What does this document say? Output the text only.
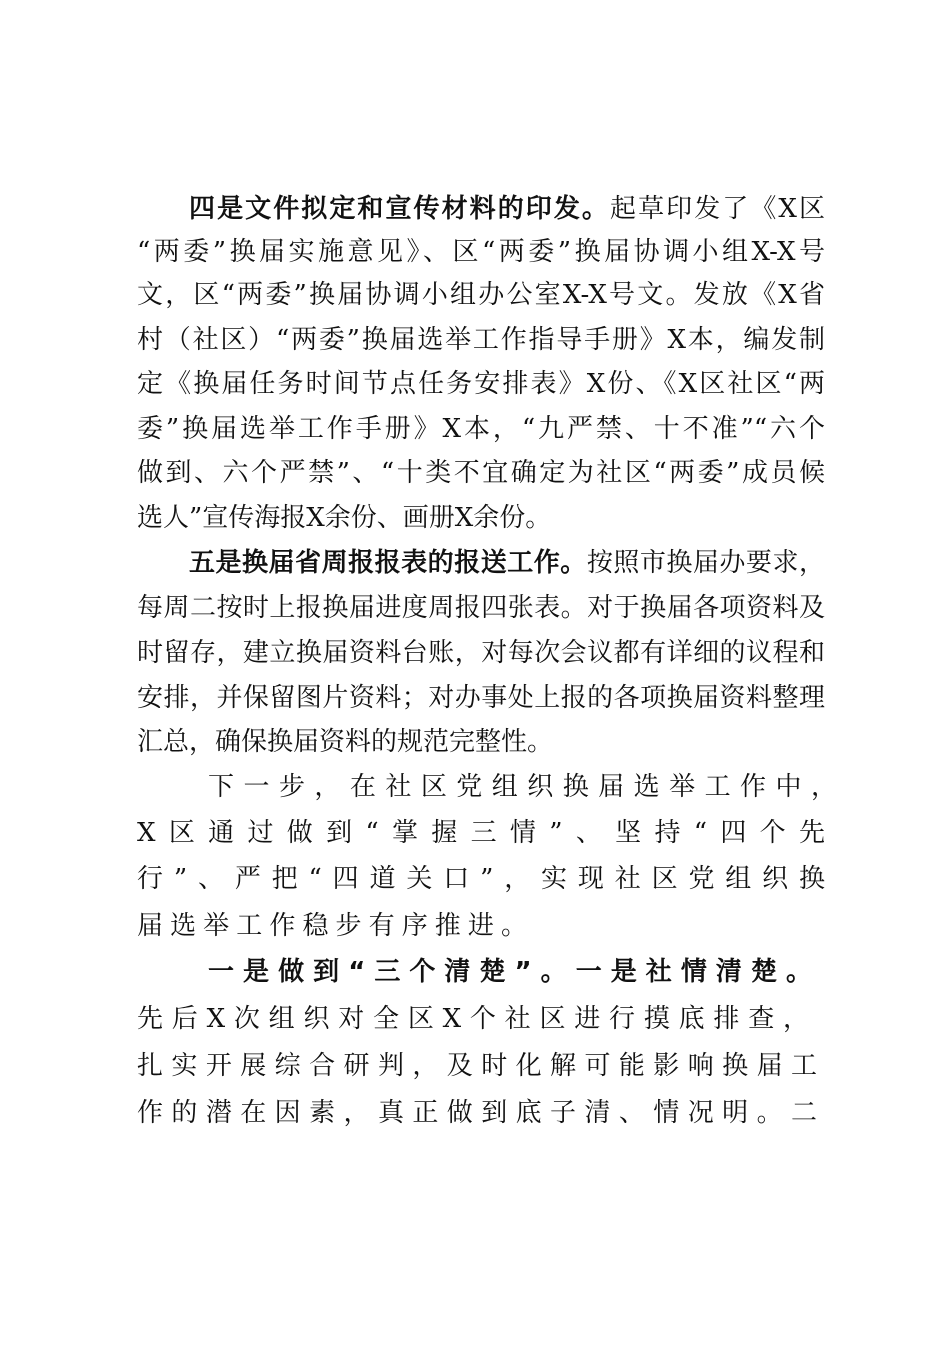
四是文件拟定和宣传材料的印发。起草印发了《X区
“两委”换届实施意见》、区“两委”换届协调小组X-X号
文，区“两委”换届协调小组办公室X-X号文。发放《X省
村（社区）“两委”换届选举工作指导手册》X本，编发制
定《换届任务时间节点任务安排表》X份、《X区社区“两
委”换届选举工作手册》X本，“九严禁、十不准”“六个
做到、六个严禁”、“十类不宜确定为社区“两委”成员候
选人”宣传海报X余份、画册X余份。
五是换届省周报报表的报送工作。按照市换届办要求，
每周二按时上报换届进度周报四张表。对于换届各项资料及
时留存，建立换届资料台账，对每次会议都有详细的议程和
安排，并保留图片资料；对办事处上报的各项换届资料整理
汇总，确保换届资料的规范完整性。
下一步，在社区党组织换届选举工作中，
X区通过做到“掌握三情”、坚持“四个先
行”、严把“四道关口”，实现社区党组织换
届选举工作稳步有序推进。
一是做到“三个清楚”。一是社情清楚。
先后X次组织对全区X个社区进行摸底排查，
扎实开展综合研判，及时化解可能影响换届工
作的潜在因素，真正做到底子清、情况明。二
